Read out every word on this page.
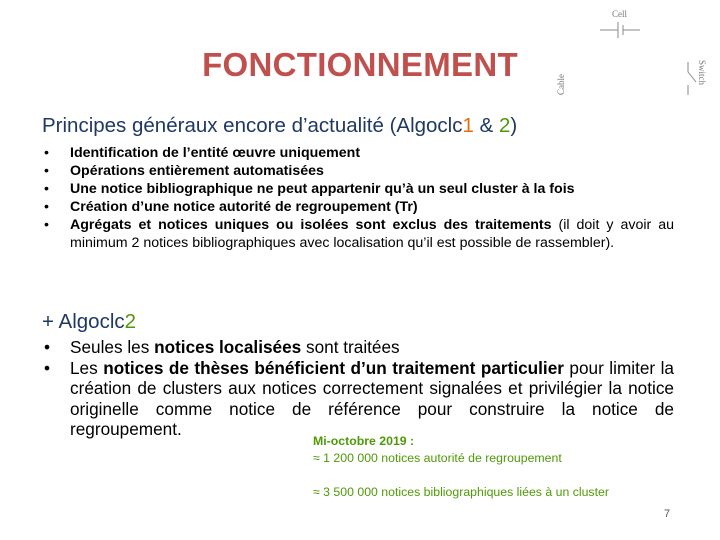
FONCTIONNEMENT
Cell
Cable	Switch
Principes généraux encore d’actualité (Algoclc1 & 2)
• Identification de l’entité œuvre uniquement
• Opérations entièrement automatisées
• Une notice bibliographique ne peut appartenir qu’à un seul cluster à la fois
• Création d’une notice autorité de regroupement (Tr)
• Agrégats et notices uniques ou isolées sont exclus des traitements (il doit y avoir au minimum 2 notices bibliographiques avec localisation qu’il est possible de rassembler).
+ Algoclc2
• Seules les notices localisées sont traitées
• Les notices de thèses bénéficient d’un traitement particulier pour limiter la création de clusters aux notices correctement signalées et privilégier la notice originelle comme notice de référence pour construire la notice de regroupement.
Mi-octobre 2019 :
≈ 1 200 000 notices autorité de regroupement
≈ 3 500 000 notices bibliographiques liées à un cluster
7
